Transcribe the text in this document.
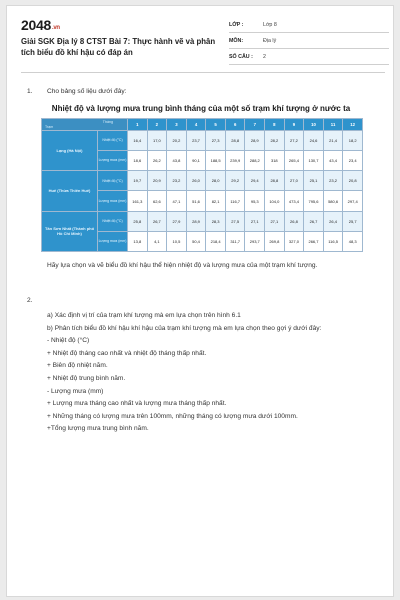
2048.vn
Giải SGK Địa lý 8 CTST Bài 7: Thực hành vẽ và phân tích biểu đồ khí hậu có đáp án
LỚP :	Lớp 8
MÔN:	Địa lý
SỐ CÂU :	2
1. Cho bảng số liệu dưới đây:
Nhiệt độ và lượng mưa trung bình tháng của một số trạm khí tượng ở nước ta
Tháng
Trạm		1	2	3	4	5	6	7	8	9	10	11	12
Lạng (Hà Nội)	Nhiệt độ (°C)	16,4	17,0	20,2	23,7	27,3	28,8	28,9	28,2	27,2	24,6	21,4	18,2
	Lượng mưa (mm)	18,6	26,2	43,8	90,1	188,5	239,9	288,2	318	265,4	130,7	43,4	23,4
Huế (Thừa Thiên Huế)	Nhiệt độ (°C)	19,7	20,9	23,2	26,0	28,0	29,2	29,4	28,8	27,0	25,1	23,2	20,8
	Lượng mưa (mm)	161,3	62,6	47,1	51,6	82,1	116,7	95,3	104,0	473,4	795,6	580,6	297,4
Tân Sơn Nhất (Thành phố Hồ Chí Minh)	Nhiệt độ (°C)	25,8	26,7	27,9	28,9	28,3	27,5	27,1	27,1	26,8	26,7	26,4	25,7
	Lượng mưa (mm)	13,8	4,1	10,5	50,4	218,4	311,7	293,7	269,8	327,0	266,7	116,5	48,3
Hãy lựa chọn và vẽ biểu đồ khí hậu thể hiện nhiệt độ và lượng mưa của một trạm khí tượng.
2.
a) Xác định vị trí của trạm khí tượng mà em lựa chọn trên hình 6.1
b) Phân tích biểu đồ khí hậu khí hậu của trạm khí tượng mà em lựa chọn theo gợi ý dưới đây:
- Nhiệt độ (°C)
+ Nhiệt độ tháng cao nhất và nhiệt độ tháng thấp nhất.
+ Biên độ nhiệt năm.
+ Nhiệt độ trung bình năm.
- Lượng mưa (mm)
+ Lượng mưa tháng cao nhất và lượng mưa tháng thấp nhất.
+ Những tháng có lượng mưa trên 100mm, những tháng có lượng mưa dưới 100mm.
+Tổng lượng mưa trung bình năm.
